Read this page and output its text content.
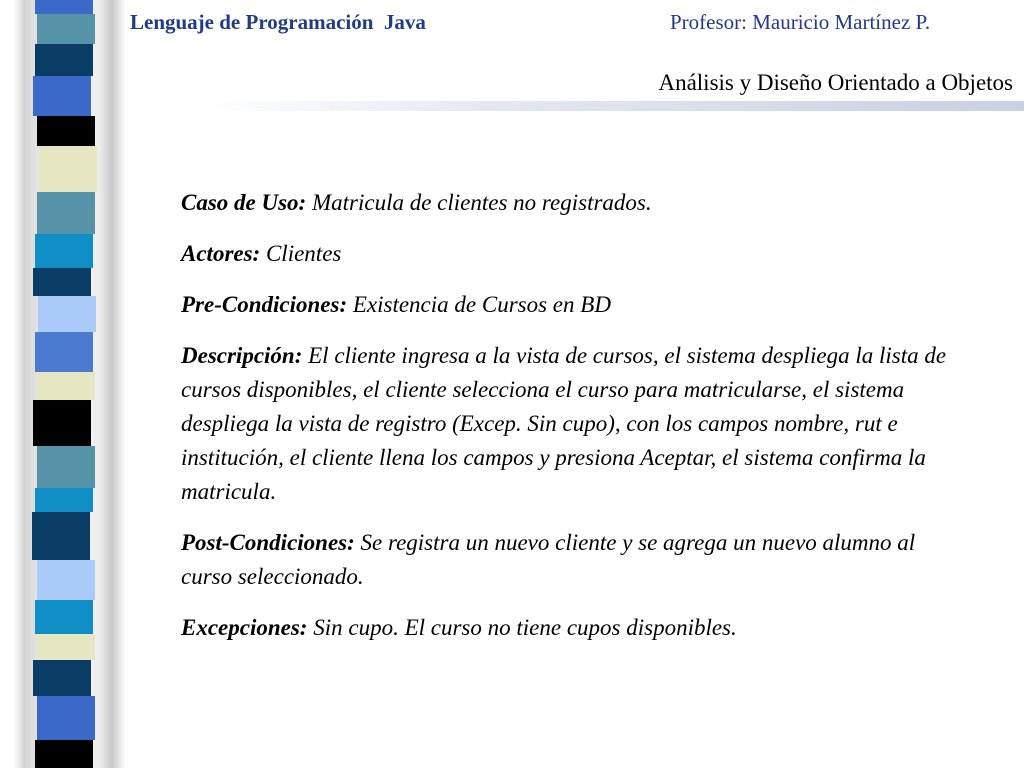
Lenguaje de Programación  Java	Profesor: Mauricio Martínez P.
Análisis y Diseño Orientado a Objetos

Caso de Uso: Matricula de clientes no registrados.

Actores: Clientes

Pre-Condiciones: Existencia de Cursos en BD

Descripción: El cliente ingresa a la vista de cursos, el sistema despliega la lista de cursos disponibles, el cliente selecciona el curso para matricularse, el sistema despliega la vista de registro (Excep. Sin cupo), con los campos nombre, rut e institución, el cliente llena los campos y presiona Aceptar, el sistema confirma la matricula.

Post-Condiciones: Se registra un nuevo cliente y se agrega un nuevo alumno al curso seleccionado.

Excepciones: Sin cupo. El curso no tiene cupos disponibles.
